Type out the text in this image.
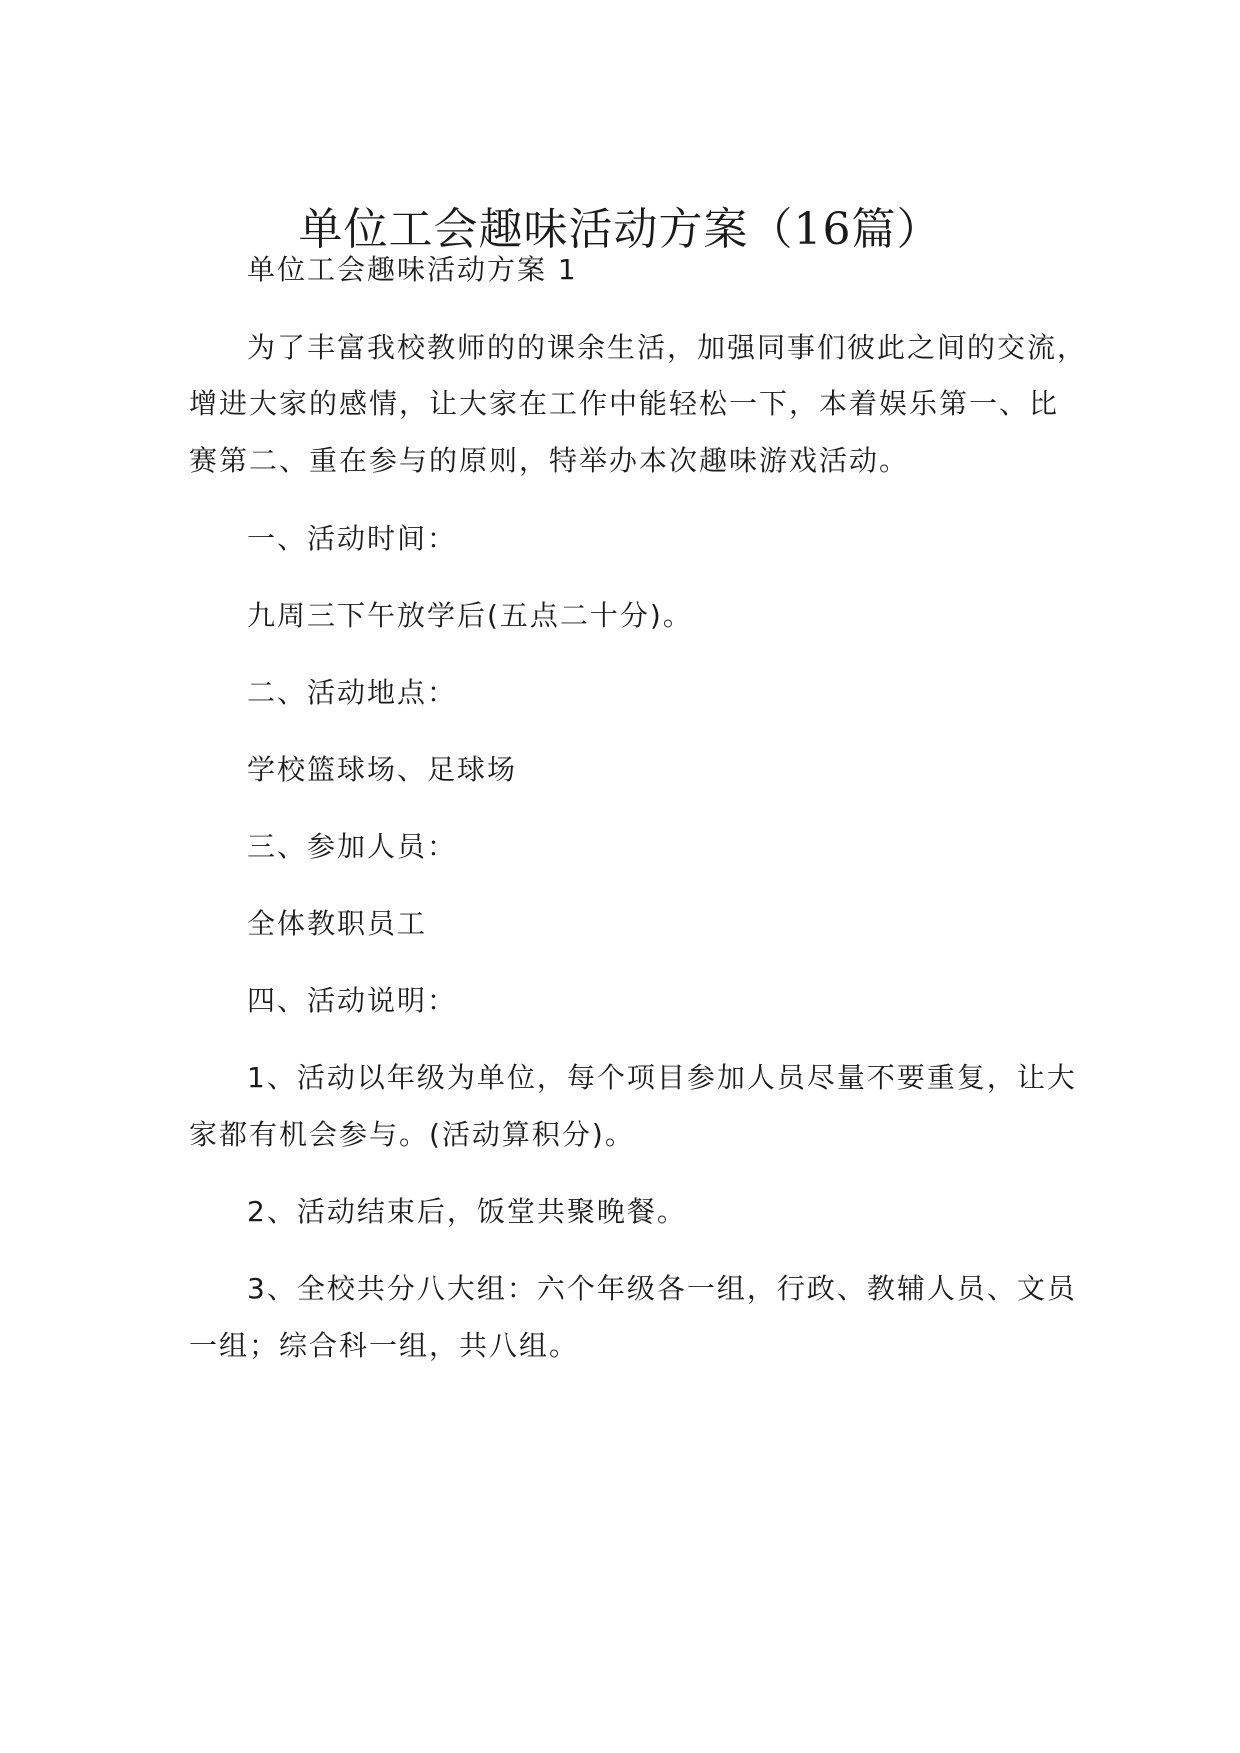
单位工会趣味活动方案（16篇）

单位工会趣味活动方案 1

为了丰富我校教师的的课余生活，加强同事们彼此之间的交流，

增进大家的感情，让大家在工作中能轻松一下，本着娱乐第一、比

赛第二、重在参与的原则，特举办本次趣味游戏活动。

一、活动时间：

九周三下午放学后(五点二十分)。

二、活动地点：

学校篮球场、足球场

三、参加人员：

全体教职员工

四、活动说明：

1、活动以年级为单位，每个项目参加人员尽量不要重复，让大

家都有机会参与。(活动算积分)。

2、活动结束后，饭堂共聚晚餐。

3、全校共分八大组：六个年级各一组，行政、教辅人员、文员

一组；综合科一组，共八组。
